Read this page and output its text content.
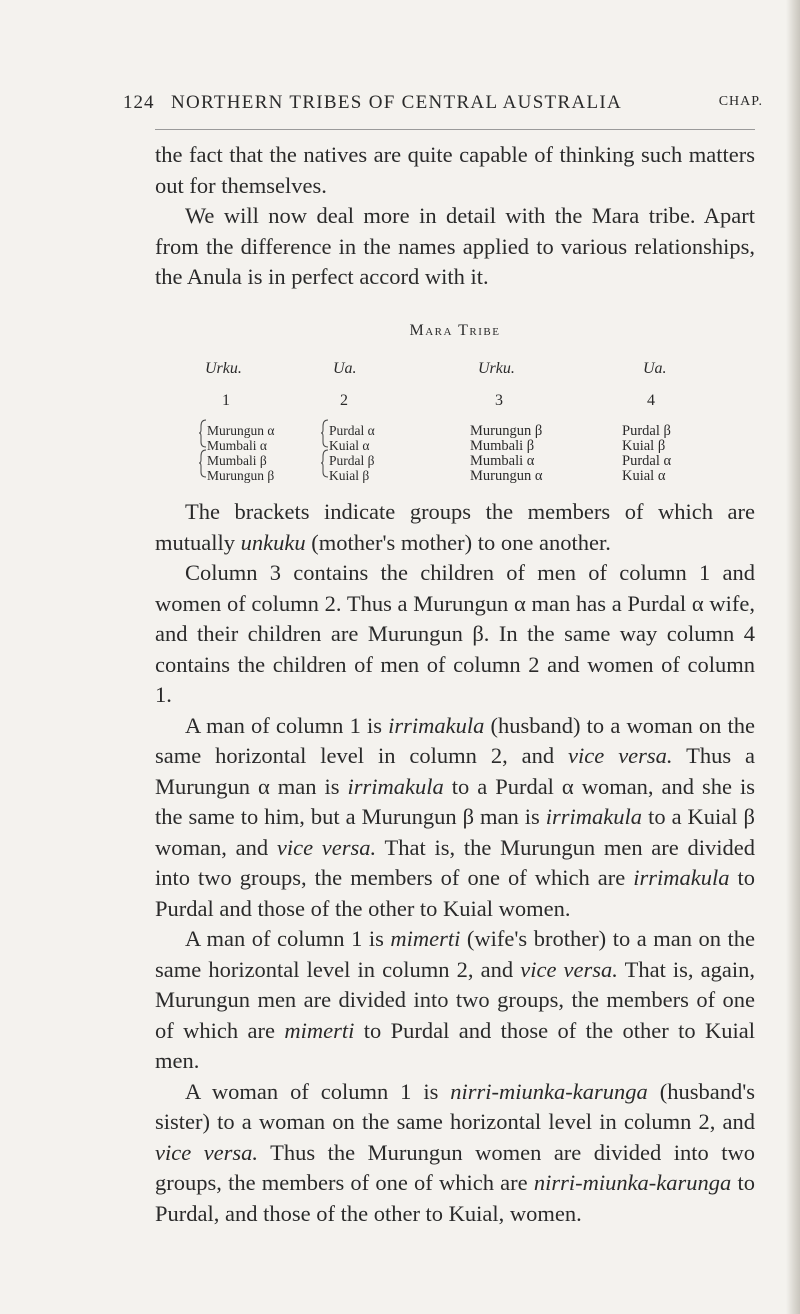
124 NORTHERN TRIBES OF CENTRAL AUSTRALIA	CHAP.

the fact that the natives are quite capable of thinking such matters out for themselves.

We will now deal more in detail with the Mara tribe. Apart from the difference in the names applied to various relationships, the Anula is in perfect accord with it.

Mara Tribe
Urku.	Ua.	Urku.	Ua.
1	2	3	4
Murungun α	Purdal α	Murungun β	Purdal β
Mumbali α	Kuial α	Mumbali β	Kuial β
Mumbali β	Purdal β	Mumbali α	Purdal α
Murungun β	Kuial β	Murungun α	Kuial α

The brackets indicate groups the members of which are mutually unkuku (mother's mother) to one another.

Column 3 contains the children of men of column 1 and women of column 2. Thus a Murungun α man has a Purdal α wife, and their children are Murungun β. In the same way column 4 contains the children of men of column 2 and women of column 1.

A man of column 1 is irrimakula (husband) to a woman on the same horizontal level in column 2, and vice versa. Thus a Murungun α man is irrimakula to a Purdal α woman, and she is the same to him, but a Murungun β man is irrimakula to a Kuial β woman, and vice versa. That is, the Murungun men are divided into two groups, the members of one of which are irrimakula to Purdal and those of the other to Kuial women.

A man of column 1 is mimerti (wife's brother) to a man on the same horizontal level in column 2, and vice versa. That is, again, Murungun men are divided into two groups, the members of one of which are mimerti to Purdal and those of the other to Kuial men.

A woman of column 1 is nirri-miunka-karunga (husband's sister) to a woman on the same horizontal level in column 2, and vice versa. Thus the Murungun women are divided into two groups, the members of one of which are nirri-miunka-karunga to Purdal, and those of the other to Kuial, women.
